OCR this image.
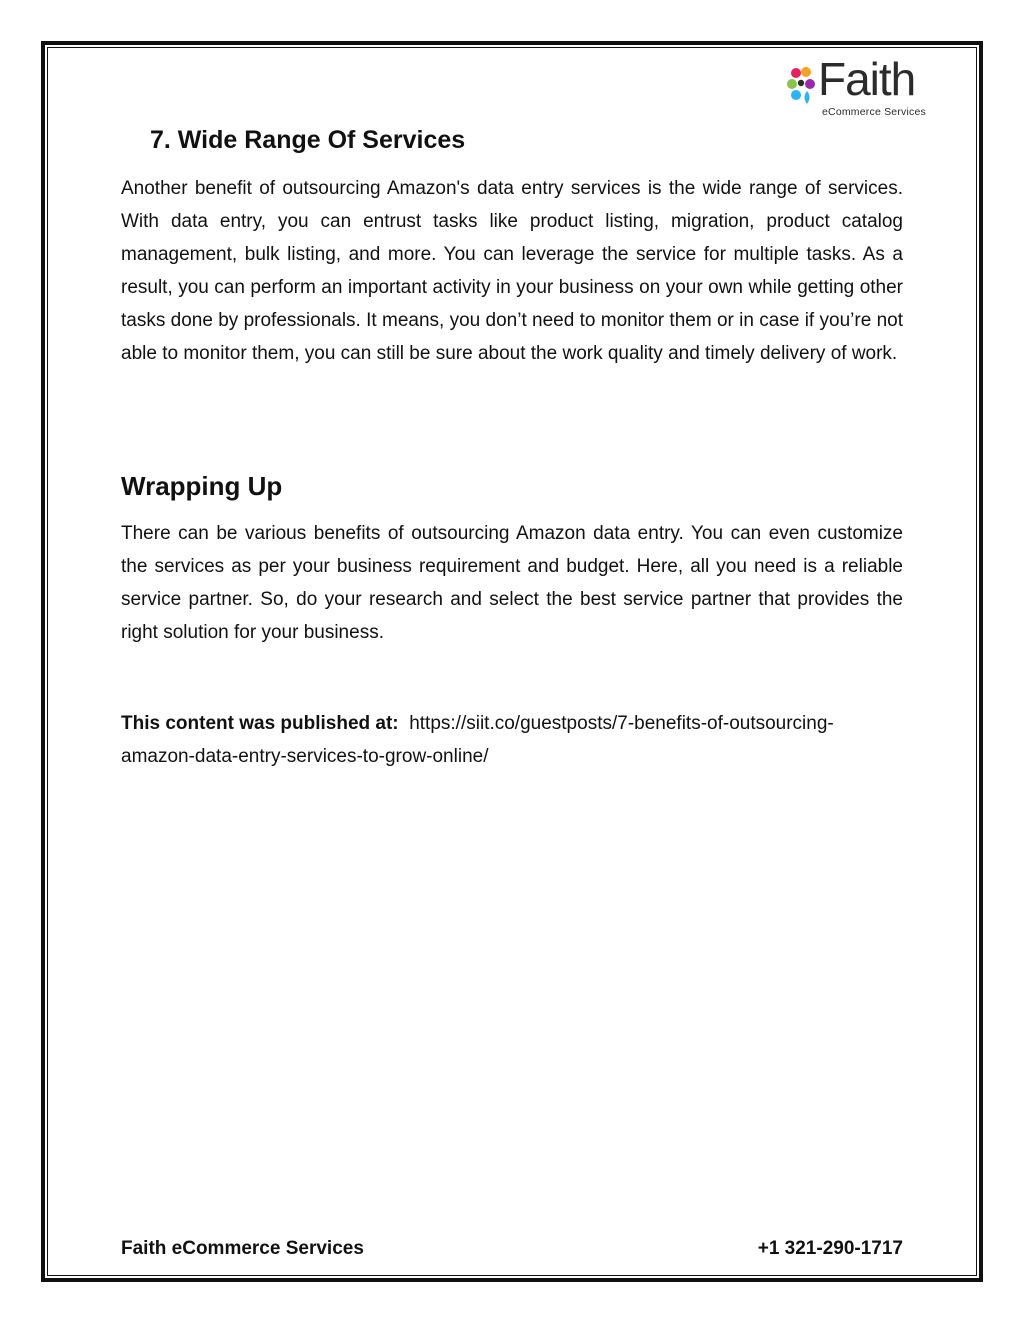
Faith
eCommerce Services
7. Wide Range Of Services

Another benefit of outsourcing Amazon's data entry services is the wide range of services. With data entry, you can entrust tasks like product listing, migration, product catalog management, bulk listing, and more. You can leverage the service for multiple tasks. As a result, you can perform an important activity in your business on your own while getting other tasks done by professionals. It means, you don’t need to monitor them or in case if you’re not able to monitor them, you can still be sure about the work quality and timely delivery of work.

Wrapping Up

There can be various benefits of outsourcing Amazon data entry. You can even customize the services as per your business requirement and budget. Here, all you need is a reliable service partner. So, do your research and select the best service partner that provides the right solution for your business.

This content was published at: https://siit.co/guestposts/7-benefits-of-outsourcing-amazon-data-entry-services-to-grow-online/

Faith eCommerce Services	+1 321-290-1717
